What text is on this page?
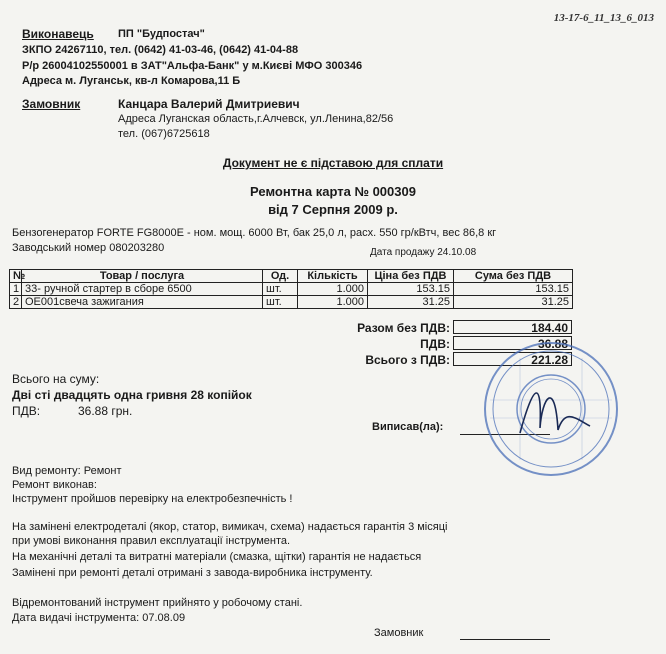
13-17-6_11_13_6_013
Виконавець ПП "Будпостач"
ЗКПО 24267110, тел. (0642) 41-03-46, (0642) 41-04-88
Р/р 26004102550001 в ЗАТ"Альфа-Банк" у м.Києві МФО 300346
Адреса м. Луганськ, кв-л Комарова,11 Б
Замовник	Канцара Валерий Дмитриевич
Адреса Луганская область,г.Алчевск, ул.Ленина,82/56
тел. (067)6725618
Документ не є підставою для сплати
Ремонтна карта № 000309
від 7 Серпня 2009 р.
Бензогенератор FORTE FG8000E - ном. мощ. 6000 Вт, бак 25,0 л, расх. 550 гр/кВтч, вес 86,8 кг
Заводський номер 080203280	Дата продажу 24.10.08
№	Товар / послуга	Од.	Кількість	Ціна без ПДВ	Сума без ПДВ
1	33- ручной стартер в сборе 6500	шт.	1.000	153.15	153.15
2	OE001свеча зажигания	шт.	1.000	31.25	31.25
Разом без ПДВ:	184.40
ПДВ:	36.88
Всього з ПДВ:	221.28
Всього на суму:
Дві сті двадцять одна гривня 28 копійок
ПДВ:	36.88 грн.
Виписав(ла):
Вид ремонту: Ремонт
Ремонт виконав:
Інструмент пройшов перевірку на електробезпечність !
На замінені електродеталі (якор, статор, вимикач, схема) надається гарантія 3 місяці
при умові виконання правил експлуатації інструмента.
На механічні деталі та витратні матеріали (смазка, щітки) гарантія не надається
Замінені при ремонті деталі отримані з завода-виробника інструменту.
Відремонтований інструмент прийнято у робочому стані.
Дата видачі інструмента: 07.08.09
Замовник
